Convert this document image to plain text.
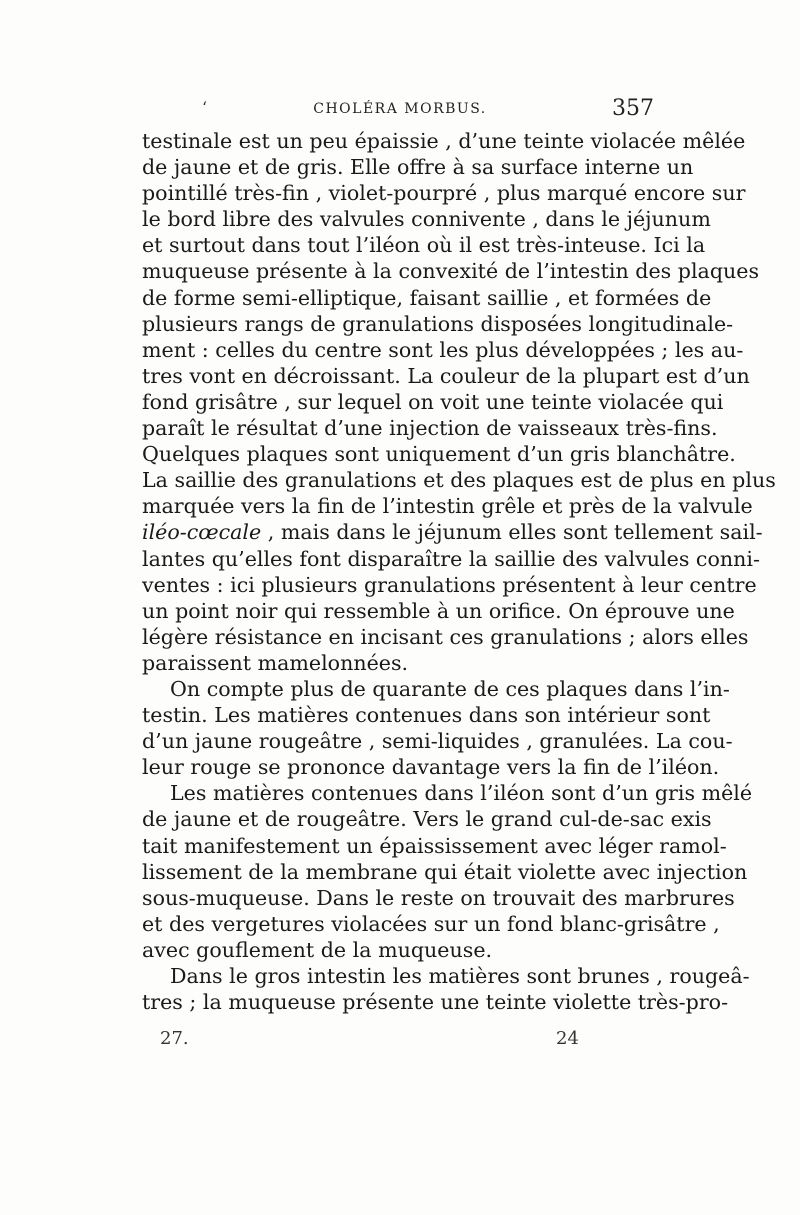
‘	CHOLÉRA MORBUS.	357
testinale est un peu épaissie , d’une teinte violacée mêlée
de jaune et de gris. Elle offre à sa surface interne un
pointillé très-fin , violet-pourpré , plus marqué encore sur
le bord libre des valvules connivente , dans le jéjunum
et surtout dans tout l’iléon où il est très-inteuse. Ici la
muqueuse présente à la convexité de l’intestin des plaques
de forme semi-elliptique, faisant saillie , et formées de
plusieurs rangs de granulations disposées longitudinale-
ment : celles du centre sont les plus développées ; les au-
tres vont en décroissant. La couleur de la plupart est d’un
fond grisâtre , sur lequel on voit une teinte violacée qui
paraît le résultat d’une injection de vaisseaux très-fins.
Quelques plaques sont uniquement d’un gris blanchâtre.
La saillie des granulations et des plaques est de plus en plus
marquée vers la fin de l’intestin grêle et près de la valvule
iléo-cœcale , mais dans le jéjunum elles sont tellement sail-
lantes qu’elles font disparaître la saillie des valvules conni-
ventes : ici plusieurs granulations présentent à leur centre
un point noir qui ressemble à un orifice. On éprouve une
légère résistance en incisant ces granulations ; alors elles
paraissent mamelonnées.
On compte plus de quarante de ces plaques dans l’in-
testin. Les matières contenues dans son intérieur sont
d’un jaune rougeâtre , semi-liquides , granulées. La cou-
leur rouge se prononce davantage vers la fin de l’iléon.
Les matières contenues dans l’iléon sont d’un gris mêlé
de jaune et de rougeâtre. Vers le grand cul-de-sac exis
tait manifestement un épaississement avec léger ramol-
lissement de la membrane qui était violette avec injection
sous-muqueuse. Dans le reste on trouvait des marbrures
et des vergetures violacées sur un fond blanc-grisâtre ,
avec gouflement de la muqueuse.
Dans le gros intestin les matières sont brunes , rougeâ-
tres ; la muqueuse présente une teinte violette très-pro-
27.	24
